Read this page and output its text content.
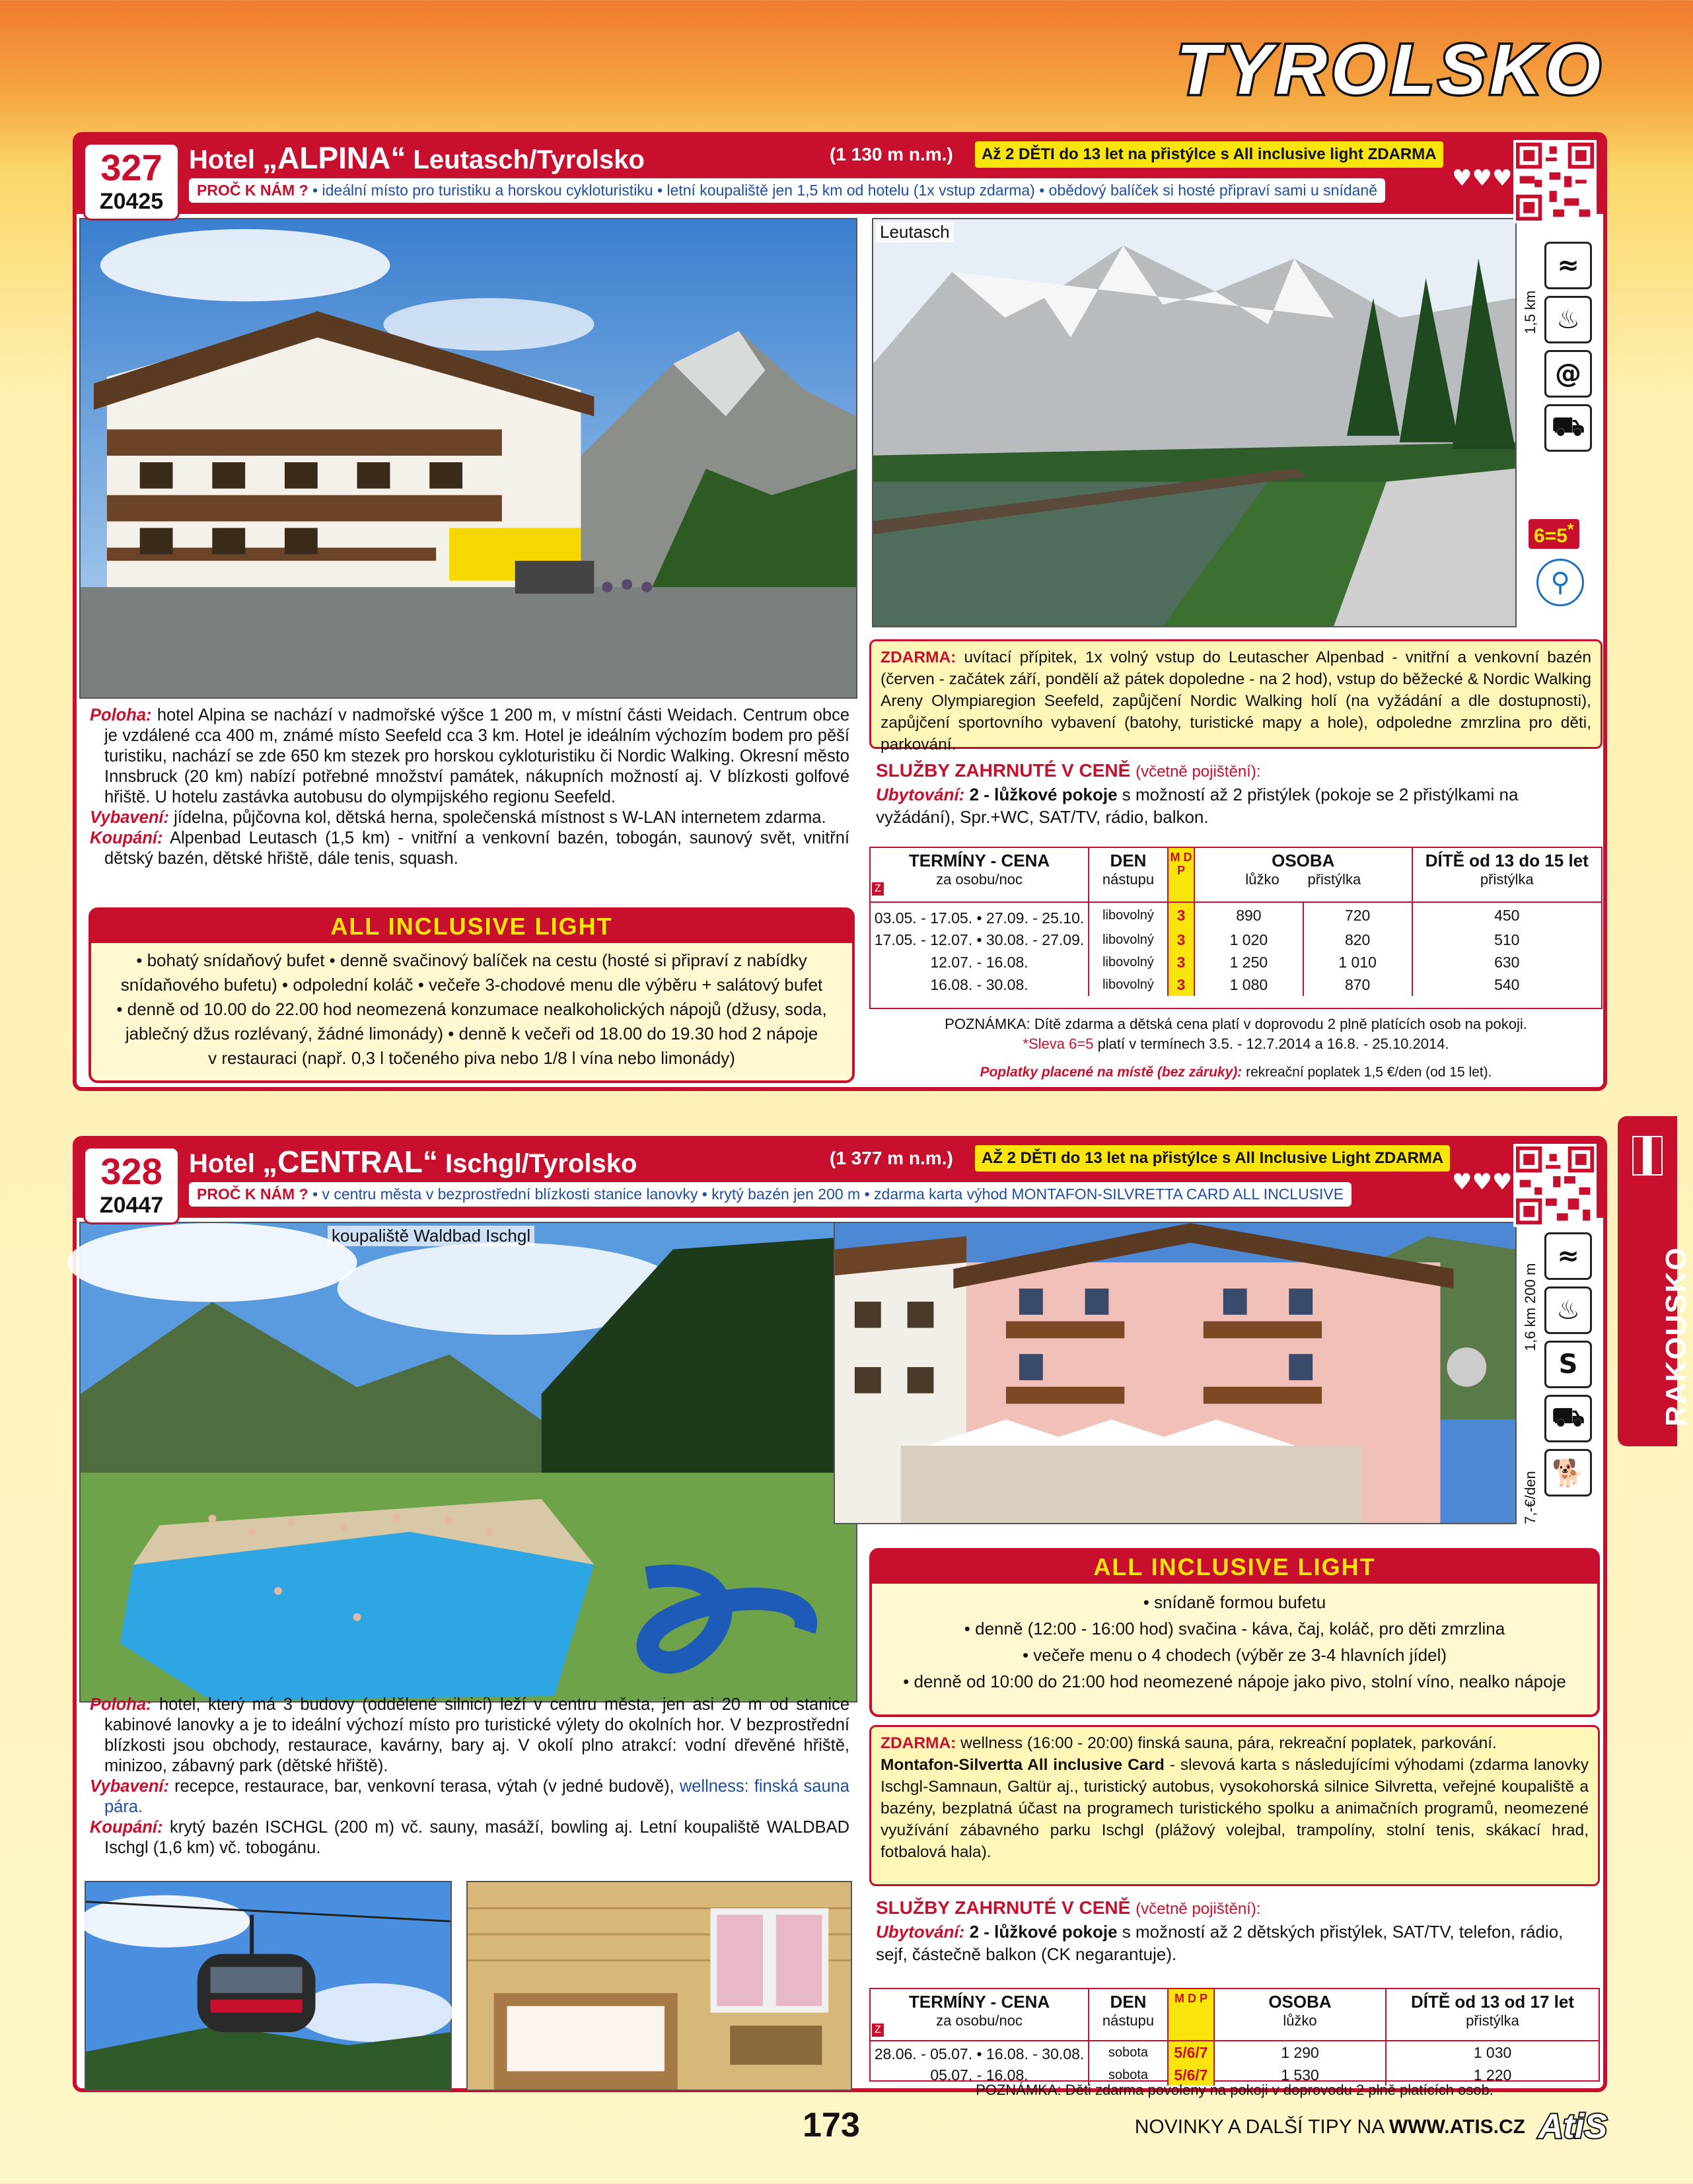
TYROLSKO
RAKOUSKO
Hotel „ALPINA“ Leutasch/Tyrolsko	(1 130 m n.m.)	Až 2 DĚTI do 13 let na přistýlce s All inclusive light ZDARMA
♥♥♥
PROČ K NÁM ? • ideální místo pro turistiku a horskou cykloturistiku • letní koupaliště jen 1,5 km od hotelu (1x vstup zdarma) • obědový balíček si hosté připraví sami u snídaně
327
Z0425
Leutasch
1,5 km
≈
♨
@
⛟
6=5*
⚲

Poloha: hotel Alpina se nachází v nadmořské výšce 1 200 m, v místní části Weidach. Centrum obce je vzdálené cca 400 m, známé místo Seefeld cca 3 km. Hotel je ideálním výchozím bodem pro pěší turistiku, nachází se zde 650 km stezek pro horskou cykloturistiku či Nordic Walking. Okresní město Innsbruck (20 km) nabízí potřebné množství památek, nákupních možností aj. V blízkosti golfové hřiště. U hotelu zastávka autobusu do olympijského regionu Seefeld.

Vybavení: jídelna, půjčovna kol, dětská herna, společenská místnost s W-LAN internetem zdarma.

Koupání: Alpenbad Leutasch (1,5 km) - vnitřní a venkovní bazén, tobogán, saunový svět, vnitřní dětský bazén, dětské hřiště, dále tenis, squash.

ALL INCLUSIVE LIGHT
• bohatý snídaňový bufet • denně svačinový balíček na cestu (hosté si připraví z nabídky
snídaňového bufetu) • odpolední koláč • večeře 3-chodové menu dle výběru + salátový bufet
• denně od 10.00 do 22.00 hod neomezená konzumace nealkoholických nápojů (džusy, soda,
jablečný džus rozlévaný, žádné limonády) • denně k večeři od 18.00 do 19.30 hod 2 nápoje
v restauraci (např. 0,3 l točeného piva nebo 1/8 l vína nebo limonády)
ZDARMA: uvítací přípitek, 1x volný vstup do Leutascher Alpenbad - vnitřní a venkovní bazén (červen - začátek září, pondělí až pátek dopoledne - na 2 hod), vstup do běžecké & Nordic Walking Areny Olympiaregion Seefeld, zapůjčení Nordic Walking holí (na vyžádání a dle dostupnosti), zapůjčení sportovního vybavení (batohy, turistické mapy a hole), odpoledne zmrzlina pro děti, parkování.
SLUŽBY ZAHRNUTÉ V CENĚ (včetně pojištění):
Ubytování: 2 - lůžkové pokoje s možností až 2 přistýlek (pokoje se 2 přistýlkami na vyžádání), Spr.+WC, SAT/TV, rádio, balkon.
Z
TERMÍNY - CENA
za osobu/noc	DEN
nástupu	M D P	OSOBA
lůžko přistýlka		DÍTĚ od 13 do 15 let
přistýlka

03.05. - 17.05. • 27.09. - 25.10.	libovolný	3	890	720	450
17.05. - 12.07. • 30.08. - 27.09.	libovolný	3	1 020	820	510
12.07. - 16.08.	libovolný	3	1 250	1 010	630
16.08. - 30.08.	libovolný	3	1 080	870	540
POZNÁMKA: Dítě zdarma a dětská cena platí v doprovodu 2 plně platících osob na pokoji.
*Sleva 6=5 platí v termínech 3.5. - 12.7.2014 a 16.8. - 25.10.2014.
Poplatky placené na místě (bez záruky): rekreační poplatek 1,5 €/den (od 15 let).
Hotel „CENTRAL“ Ischgl/Tyrolsko	(1 377 m n.m.)	AŽ 2 DĚTI do 13 let na přistýlce s All Inclusive Light ZDARMA
♥♥♥
PROČ K NÁM ? • v centru města v bezprostřední blízkosti stanice lanovky • krytý bazén jen 200 m • zdarma karta výhod MONTAFON-SILVRETTA CARD ALL INCLUSIVE
328
Z0447
koupaliště Waldbad Ischgl
1,6 km 200 m
7,-€/den
≈
♨
S
⛟
🐕
ALL INCLUSIVE LIGHT
• snídaně formou bufetu
• denně (12:00 - 16:00 hod) svačina - káva, čaj, koláč, pro děti zmrzlina
• večeře menu o 4 chodech (výběr ze 3-4 hlavních jídel)
• denně od 10:00 do 21:00 hod neomezené nápoje jako pivo, stolní víno, nealko nápoje
ZDARMA: wellness (16:00 - 20:00) finská sauna, pára, rekreační poplatek, parkování.
Montafon-Silvertta All inclusive Card - slevová karta s následujícími výhodami (zdarma lanovky Ischgl-Samnaun, Galtür aj., turistický autobus, vysokohorská silnice Silvretta, veřejné koupaliště a bazény, bezplatná účast na programech turistického spolku a animačních programů, neomezené využívání zábavného parku Ischgl (plážový volejbal, trampolíny, stolní tenis, skákací hrad, fotbalová hala).
SLUŽBY ZAHRNUTÉ V CENĚ (včetně pojištění):
Ubytování: 2 - lůžkové pokoje s možností až 2 dětských přistýlek, SAT/TV, telefon, rádio, sejf, částečně balkon (CK negarantuje).
Z
TERMÍNY - CENA
za osobu/noc	DEN
nástupu	M D P	OSOBA
lůžko	DÍTĚ od 13 od 17 let
přistýlka

28.06. - 05.07. • 16.08. - 30.08.	sobota	5/6/7	1 290	1 030
05.07. - 16.08.	sobota	5/6/7	1 530	1 220
POZNÁMKA: Děti zdarma povoleny na pokoji v doprovodu 2 plně platících osob.

Poloha: hotel, který má 3 budovy (oddělené silnicí) leží v centru města, jen asi 20 m od stanice kabinové lanovky a je to ideální výchozí místo pro turistické výlety do okolních hor. V bezprostřední blízkosti jsou obchody, restaurace, kavárny, bary aj. V okolí plno atrakcí: vodní dřevěné hřiště, minizoo, zábavný park (dětské hřiště).

Vybavení: recepce, restaurace, bar, venkovní terasa, výtah (v jedné budově), wellness: finská sauna pára.

Koupání: krytý bazén ISCHGL (200 m) vč. sauny, masáží, bowling aj. Letní koupaliště WALDBAD Ischgl (1,6 km) vč. tobogánu.

173	NOVINKY A DALŠÍ TIPY NA WWW.ATIS.CZ AtiS
